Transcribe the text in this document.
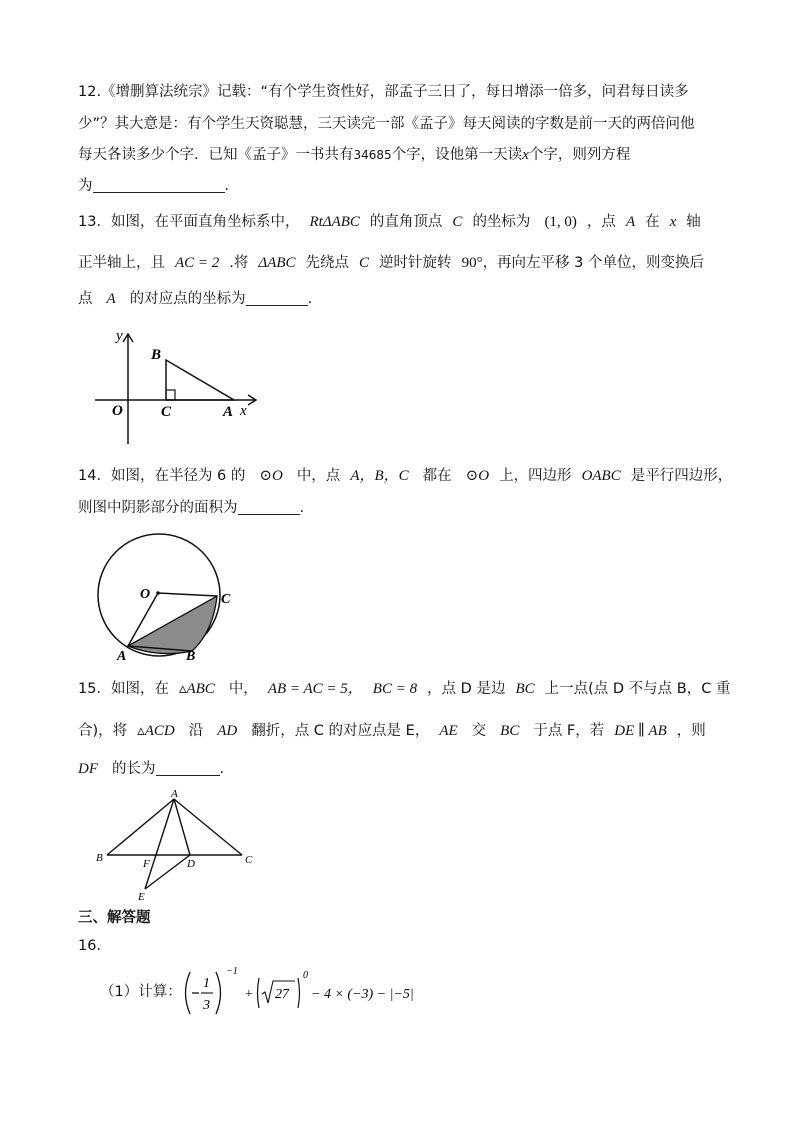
12.《增删算法统宗》记载：“有个学生资性好，部孟子三日了，每日增添一倍多，问君每日读多
少”？其大意是：有个学生天资聪慧，三天读完一部《孟子》每天阅读的字数是前一天的两倍问他
每天各读多少个字．已知《孟子》一书共有34685个字，设他第一天读x个字，则列方程
为	．
13．如图，在平面直角坐标系中， RtΔABC 的直角顶点 C 的坐标为 (1, 0) ，点 A 在 x 轴
正半轴上，且 AC = 2 .将 ΔABC 先绕点 C 逆时针旋转 90°，再向左平移 3 个单位，则变换后
点 A 的对应点的坐标为	.
y
x
O
B
C	A
14．如图，在半径为 6 的 ⊙O 中，点 A，B，C 都在 ⊙O 上，四边形 OABC 是平行四边形，
则图中阴影部分的面积为	.
O	C
A	B
15．如图，在 ▵ABC 中， AB = AC = 5， BC = 8 ，点 D 是边 BC 上一点(点 D 不与点 B，C 重
合)，将 ▵ACD 沿 AD 翻折，点 C 的对应点是 E， AE 交 BC 于点 F，若 DE ∥ AB ，则
DF 的长为	.
A
B	C
D
F
E
三、解答题
16．
（1）计算：
1
3
−1
+ 27
0
− 4 × (−3) − |−5|
